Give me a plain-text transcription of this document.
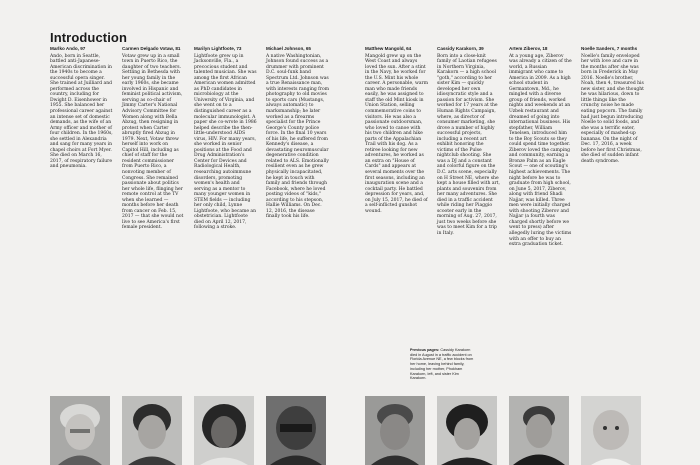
Introduction
Marlko Ando, 97
Ando, born in Seattle, battled anti-Japanese-American discrimination in the 1940s to become a successful opera singer. She trained at Juilliard and performed across the country, including for Dwight D. Eisenhower in 1955. She balanced her professional career against an intense set of domestic demands, as the wife of an Army officer and mother of four children. In the 1960s, she settled in Alexandria and sang for many years in chapel choirs at Fort Myer. She died on March 16, 2017, of respiratory failure and pneumonia.
Carmen Delgado Votaw, 81
Votaw grew up in a small town in Puerto Rico, the daughter of two teachers. Settling in Bethesda with her young family in the early 1960s, she became involved in Hispanic and feminist political activism, serving as co-chair of Jimmy Carter's National Advisory Committee for Women along with Bella Abzug, then resigning in protest when Carter abruptly fired Abzug in 1979. Next, Votaw threw herself into work on Capitol Hill, including as chief of staff for the resident commissioner from Puerto Rico, a nonvoting member of Congress. She remained passionate about politics her whole life, flinging her remote control at the TV when she learned — months before her death from cancer on Feb. 15, 2017 — that she would not live to see America's first female president.
Marilyn Lightfoote, 73
Lightfoote grew up in Jacksonville, Fla., a precocious student and talented musician. She was among the first African American women admitted as PhD candidates in microbiology at the University of Virginia, and she went on to a distinguished career as a molecular immunologist. A paper she co-wrote in 1986 helped describe the then-little-understood AIDS virus, HIV. For many years, she worked in senior positions at the Food and Drug Administration's Center for Devices and Radiological Health, researching autoimmune disorders, promoting women's health and serving as a mentor to many younger women in STEM fields — including her only child, Lynne Lightfoote, who became an obstetrician. Lightfoote died on April 12, 2017, following a stroke.
Michael Johnson, 65
A native Washingtonian, Johnson found success as a drummer with prominent D.C. soul-funk band Spectrum Ltd. Johnson was a true Renaissance man, with interests ranging from photography to old movies to sports cars (Mustangs, always automatic) to marksmanship; he later worked as a firearms specialist for the Prince George's County police force. In the final 10 years of his life, he suffered from Kennedy's disease, a devastating neuromuscular degenerative condition related to ALS. Emotionally resilient even as he grew physically incapacitated, he kept in touch with family and friends through Facebook, where he loved posting videos of "kids," according to his stepson, Hallie Williams. On Dec. 12, 2016, the disease finally took his life.
Matthew Mangold, 64
Mangold grew up on the West Coast and always loved the sun. After a stint in the Navy, he worked for the U.S. Mint his whole career. A personable, warm man who made friends easily, he was assigned to staff the old Mint kiosk in Union Station, selling commemorative coins to visitors. He was also a passionate outdoorsman, who loved to canoe with his two children and hike parts of the Appalachian Trail with his dog. As a retiree looking for new adventures, he worked as an extra on "House of Cards" and appears at several moments over the first seasons, including an inauguration scene and a cocktail party. He battled depression for years, and, on July 15, 2017, he died of a self-inflicted gunshot wound.
Cassidy Karakorn, 39
Born into a close-knit family of Laotian refugees in Northern Virginia, Karakorn — a high school "goth," according to her sister Kim — quickly developed her own idiosyncratic style and a passion for activism. She worked for 17 years at the Human Rights Campaign, where, as director of consumer marketing, she drove a number of highly successful projects, including a recent art exhibit honoring the victims of the Pulse nightclub shooting. She was a DJ and a constant and colorful figure on the D.C. arts scene, especially on H Street NE, where she kept a house filled with art, plants and souvenirs from her many adventures. She died in a traffic accident while riding her Piaggio scooter early in the morning of Aug. 27, 2017, just two weeks before she was to meet Kim for a trip in Italy.
Artem Ziberov, 18
At a young age, Ziberov was already a citizen of the world, a Russian immigrant who came to America in 2009. As a high school student in Germantown, Md., he mingled with a diverse group of friends, worked nights and weekends at an Uzbek restaurant and dreamed of going into international business. His stepfather, William Tenelsen, introduced him to the Boy Scouts so they could spend time together. Ziberov loved the camping and community, earning a Bronze Palm as an Eagle Scout — one of scouting's highest achievements. The night before he was to graduate from high school, on June 5, 2017, Ziberov, along with friend Shadi Najjar, was killed. Three men were initially charged with shooting Ziberov and Najjar (a fourth was charged shortly before we went to press) after allegedly luring the victims with an offer to buy an extra graduation ticket.
Noelle Sanders, 7 months
Noelle's family enveloped her with love and care in the months after she was born in Frederick in May 2016. Noelle's brother, Noah, then 4, treasured his new sister, and she thought he was hilarious, down to little things like the crunchy noise he made eating popcorn. The family had just begun introducing Noelle to solid foods, and she was a terrific eater, especially of mashed-up bananas. On the night of Dec. 17, 2016, a week before her first Christmas, she died of sudden infant death syndrome.
Previous pages: Cassidy Karakorn died in August in a traffic accident on Florida Avenue NE, a few blocks from her home, leaving behind family, including her mother, Phokham Karakorn, left, and sister Kim Karakorn.
